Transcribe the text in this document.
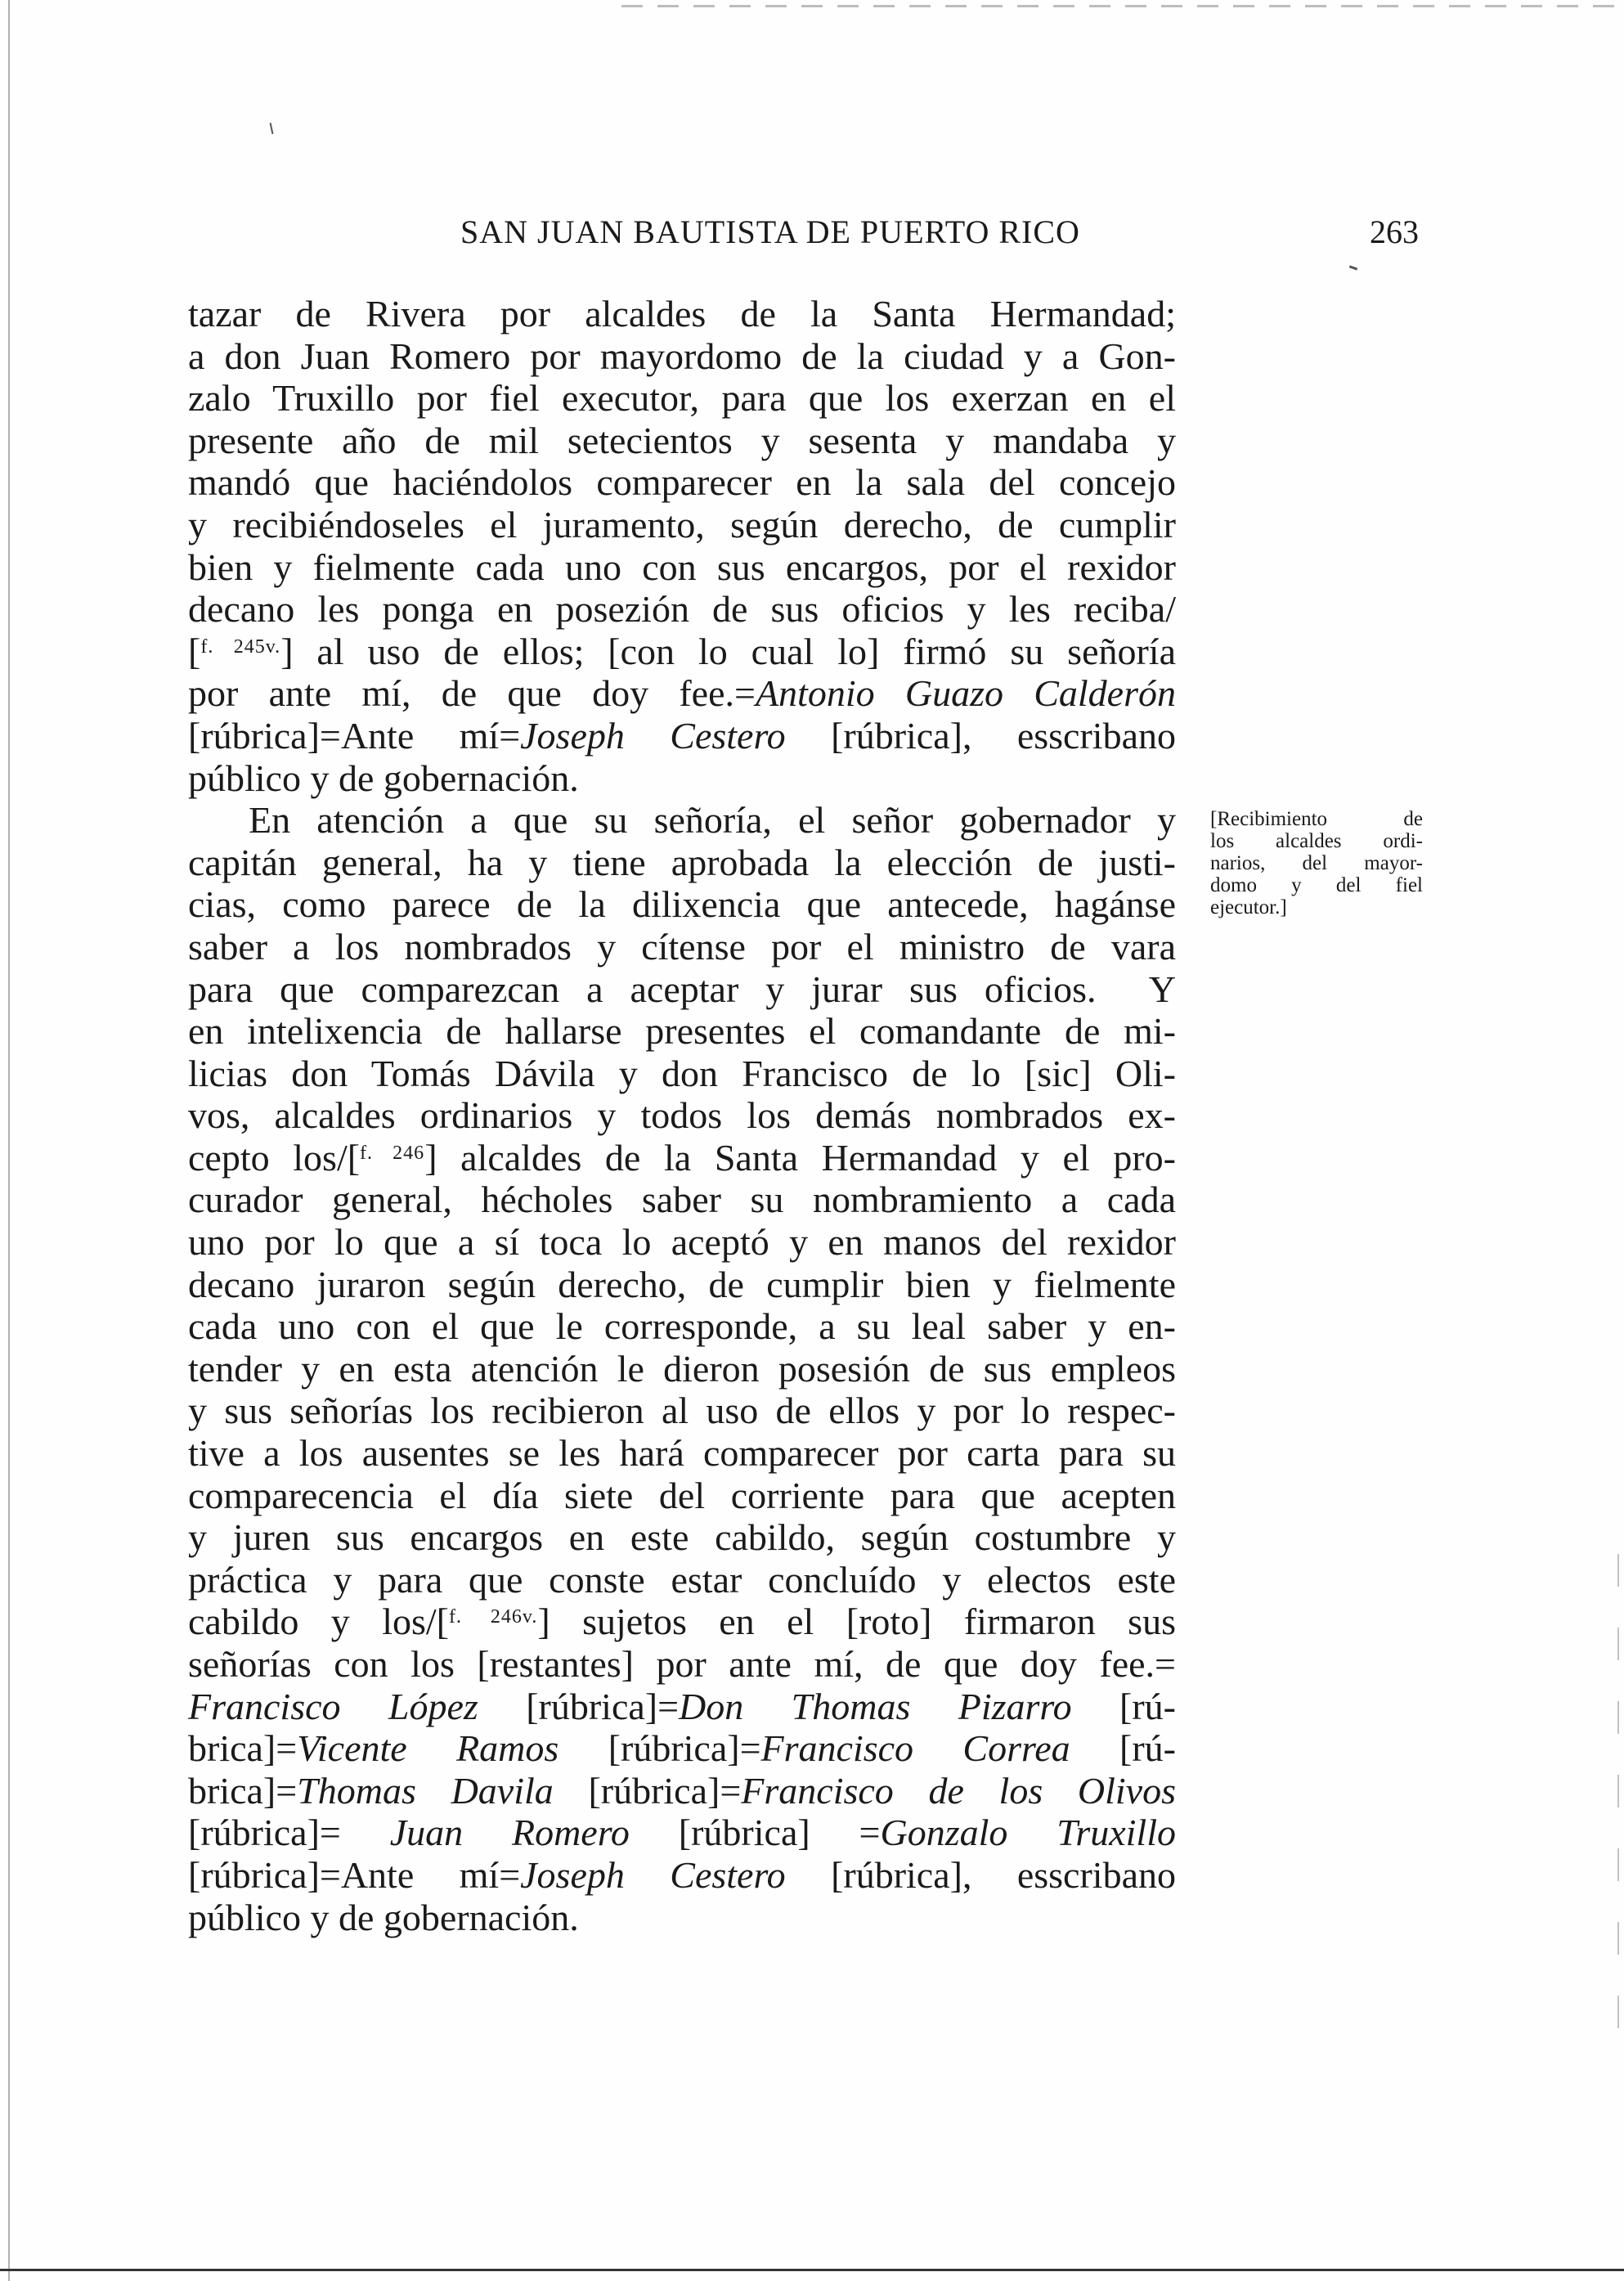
SAN JUAN BAUTISTA DE PUERTO RICO	263
tazar de Rivera por alcaldes de la Santa Hermandad;
a don Juan Romero por mayordomo de la ciudad y a Gon-
zalo Truxillo por fiel executor, para que los exerzan en el
presente año de mil setecientos y sesenta y mandaba y
mandó que haciéndolos comparecer en la sala del concejo
y recibiéndoseles el juramento, según derecho, de cumplir
bien y fielmente cada uno con sus encargos, por el rexidor
decano les ponga en posezión de sus oficios y les reciba/
[$^{f. 245v.}$] al uso de ellos; [con lo cual lo] firmó su señoría
por ante mí, de que doy fee.=Antonio Guazo Calderón
[rúbrica]=Ante mí=Joseph Cestero [rúbrica], esscribano
público y de gobernación.
En atención a que su señoría, el señor gobernador y
capitán general, ha y tiene aprobada la elección de justi-
cias, como parece de la dilixencia que antecede, hagánse
saber a los nombrados y cítense por el ministro de vara
para que comparezcan a aceptar y jurar sus oficios.  Y
en intelixencia de hallarse presentes el comandante de mi-
licias don Tomás Dávila y don Francisco de lo [sic] Oli-
vos, alcaldes ordinarios y todos los demás nombrados ex-
cepto los/[$^{f. 246}$] alcaldes de la Santa Hermandad y el pro-
curador general, hécholes saber su nombramiento a cada
uno por lo que a sí toca lo aceptó y en manos del rexidor
decano juraron según derecho, de cumplir bien y fielmente
cada uno con el que le corresponde, a su leal saber y en-
tender y en esta atención le dieron posesión de sus empleos
y sus señorías los recibieron al uso de ellos y por lo respec-
tive a los ausentes se les hará comparecer por carta para su
comparecencia el día siete del corriente para que acepten
y juren sus encargos en este cabildo, según costumbre y
práctica y para que conste estar concluído y electos este
cabildo y los/[$^{f. 246v.}$] sujetos en el [roto] firmaron sus
señorías con los [restantes] por ante mí, de que doy fee.=
Francisco López [rúbrica]=Don Thomas Pizarro [rú-
brica]=Vicente Ramos [rúbrica]=Francisco Correa [rú-
brica]=Thomas Davila [rúbrica]=Francisco de los Olivos
[rúbrica]= Juan Romero [rúbrica] =Gonzalo Truxillo
[rúbrica]=Ante mí=Joseph Cestero [rúbrica], esscribano
público y de gobernación.
[Recibimiento de
los alcaldes ordi-
narios, del mayor-
domo y del fiel
ejecutor.]
